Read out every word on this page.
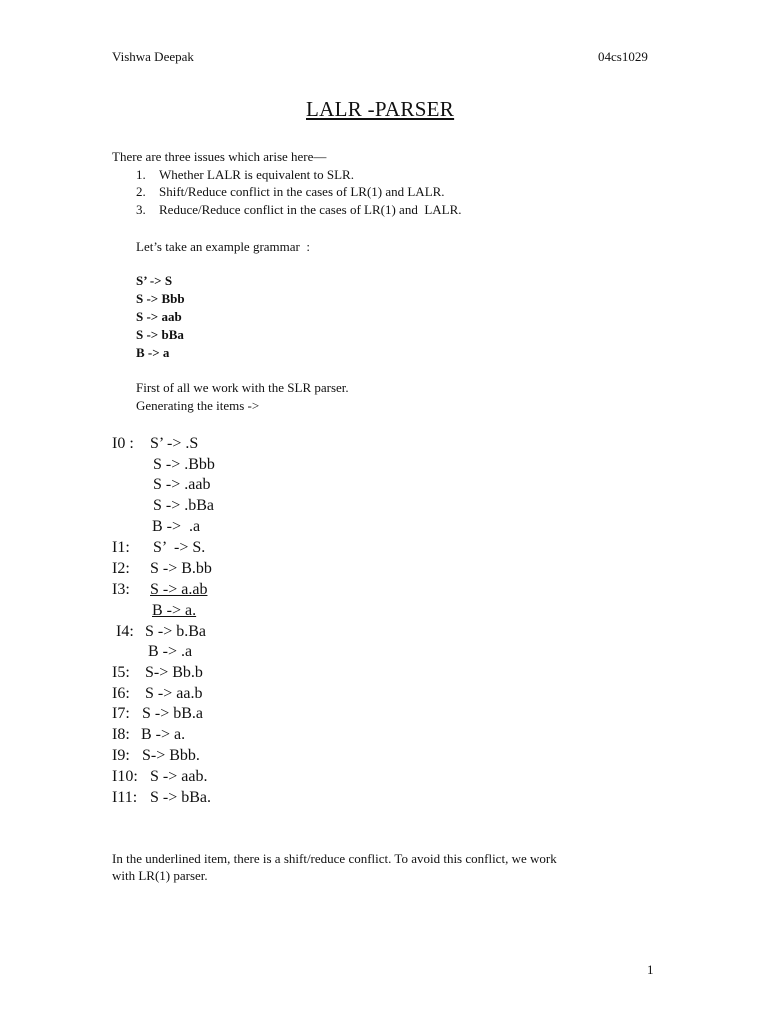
Vishwa Deepak	04cs1029
LALR -PARSER
There are three issues which arise here—
1. Whether LALR is equivalent to SLR.
2. Shift/Reduce conflict in the cases of LR(1) and LALR.
3. Reduce/Reduce conflict in the cases of LR(1) and  LALR.
Let’s take an example grammar  :
S’ -> S
S -> Bbb
S -> aab
S -> bBa
B -> a
First of all we work with the SLR parser.
Generating the items ->
I0 : S’ -> .S
S -> .Bbb
S -> .aab
S -> .bBa
B ->  .a
I1: S’  -> S.
I2: S -> B.bb
I3:	S -> a.ab
B -> a.
I4: S -> b.Ba
B -> .a
I5: S-> Bb.b
I6: S -> aa.b
I7: S -> bB.a
I8: B -> a.
I9: S-> Bbb.
I10: S -> aab.
I11: S -> bBa.
In the underlined item, there is a shift/reduce conflict. To avoid this conflict, we work
with LR(1) parser.
1
